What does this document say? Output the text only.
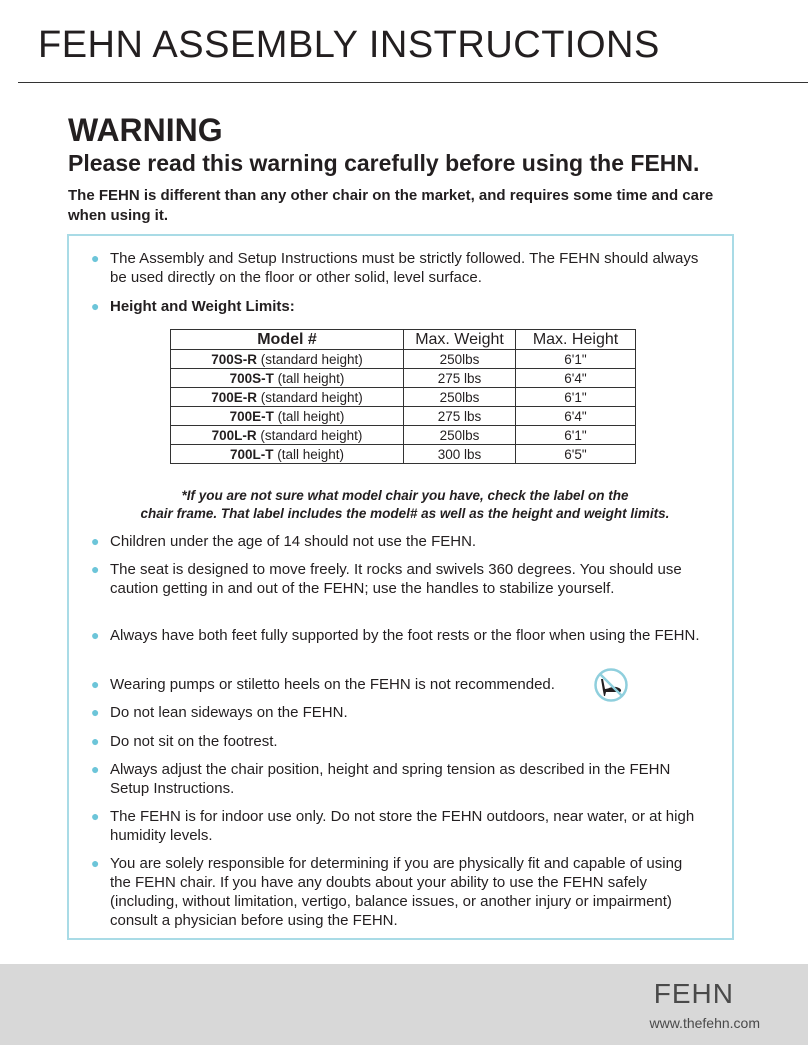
FEHN ASSEMBLY INSTRUCTIONS
WARNING
Please read this warning carefully before using the FEHN.
The FEHN is different than any other chair on the market, and requires some time and care when using it.
● The Assembly and Setup Instructions must be strictly followed. The FEHN should always be used directly on the floor or other solid, level surface.
● Height and Weight Limits:
Model #	Max. Weight	Max. Height
700S-R (standard height)	250lbs	6'1"
700S-T (tall height)	275 lbs	6'4"
700E-R (standard height)	250lbs	6'1"
700E-T (tall height)	275 lbs	6'4"
700L-R (standard height)	250lbs	6'1"
700L-T (tall height)	300 lbs	6'5"
*If you are not sure what model chair you have, check the label on the
chair frame. That label includes the model# as well as the height and weight limits.
● Children under the age of 14 should not use the FEHN.
● The seat is designed to move freely. It rocks and swivels 360 degrees. You should use caution getting in and out of the FEHN; use the handles to stabilize yourself.
● Always have both feet fully supported by the foot rests or the floor when using the FEHN.
● Wearing pumps or stiletto heels on the FEHN is not recommended.
● Do not lean sideways on the FEHN.
● Do not sit on the footrest.
● Always adjust the chair position, height and spring tension as described in the FEHN Setup Instructions.
● The FEHN is for indoor use only. Do not store the FEHN outdoors, near water, or at high humidity levels.
● You are solely responsible for determining if you are physically fit and capable of using the FEHN chair. If you have any doubts about your ability to use the FEHN safely (including, without limitation, vertigo, balance issues, or another injury or impairment) consult a physician before using the FEHN.
FEHN
www.thefehn.com
